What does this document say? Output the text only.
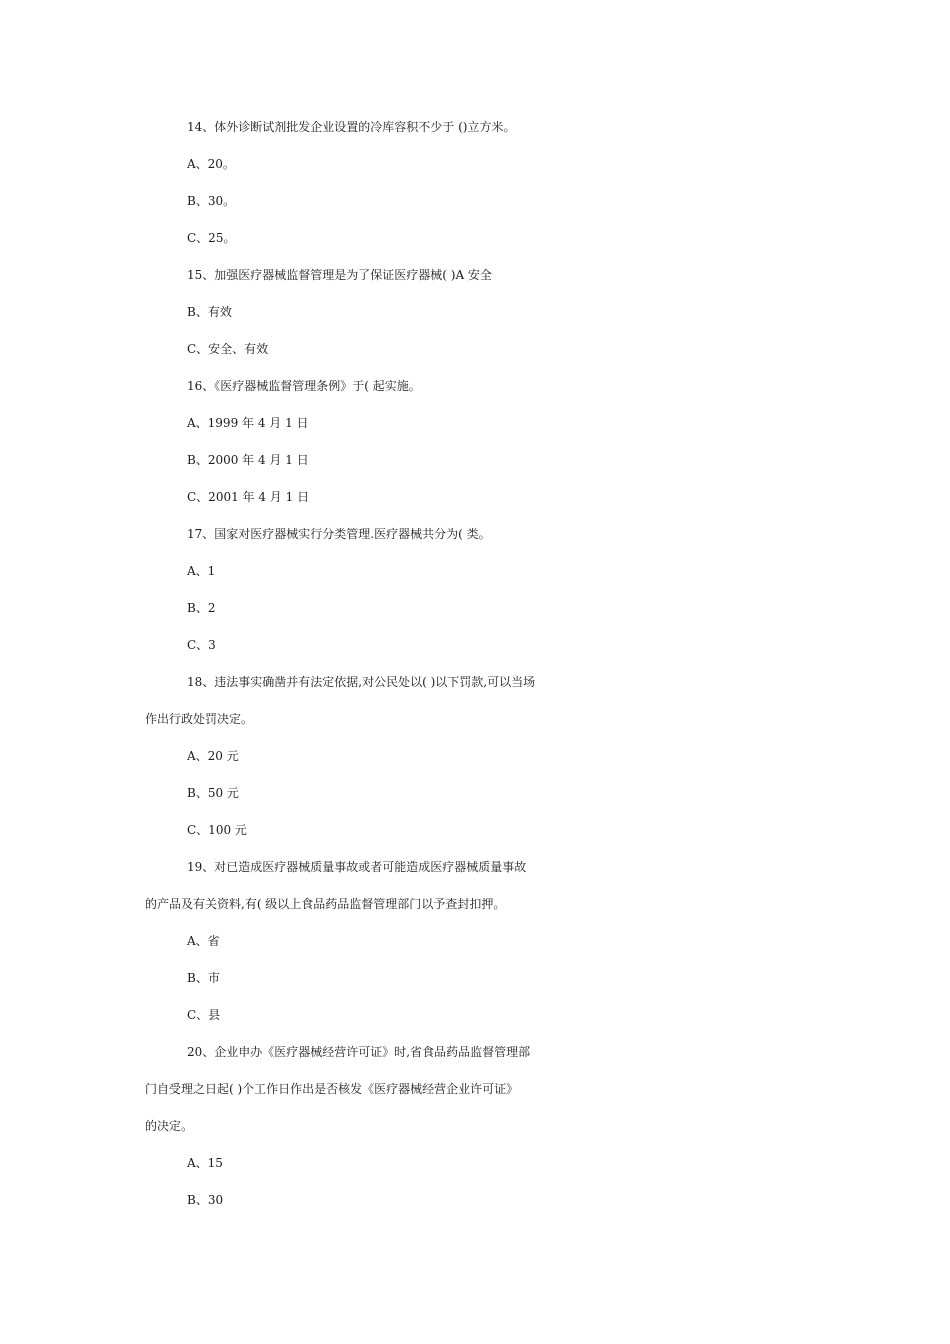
14、体外诊断试剂批发企业设置的冷库容积不少于 ()立方米。
A、20。
B、30。
C、25。
15、加强医疗器械监督管理是为了保证医疗器械( )A 安全
B、有效
C、安全、有效
16、《医疗器械监督管理条例》于( 起实施。
A、1999 年 4 月 1 日
B、2000 年 4 月 1 日
C、2001 年 4 月 1 日
17、国家对医疗器械实行分类管理.医疗器械共分为( 类。
A、1
B、2
C、3
18、违法事实确凿并有法定依据,对公民处以( )以下罚款,可以当场
作出行政处罚决定。
A、20 元
B、50 元
C、100 元
19、对已造成医疗器械质量事故或者可能造成医疗器械质量事故
的产品及有关资料,有( 级以上食品药品监督管理部门以予查封扣押。
A、省
B、市
C、县
20、企业申办《医疗器械经营许可证》时,省食品药品监督管理部
门自受理之日起( )个工作日作出是否核发《医疗器械经营企业许可证》
的决定。
A、15
B、30
